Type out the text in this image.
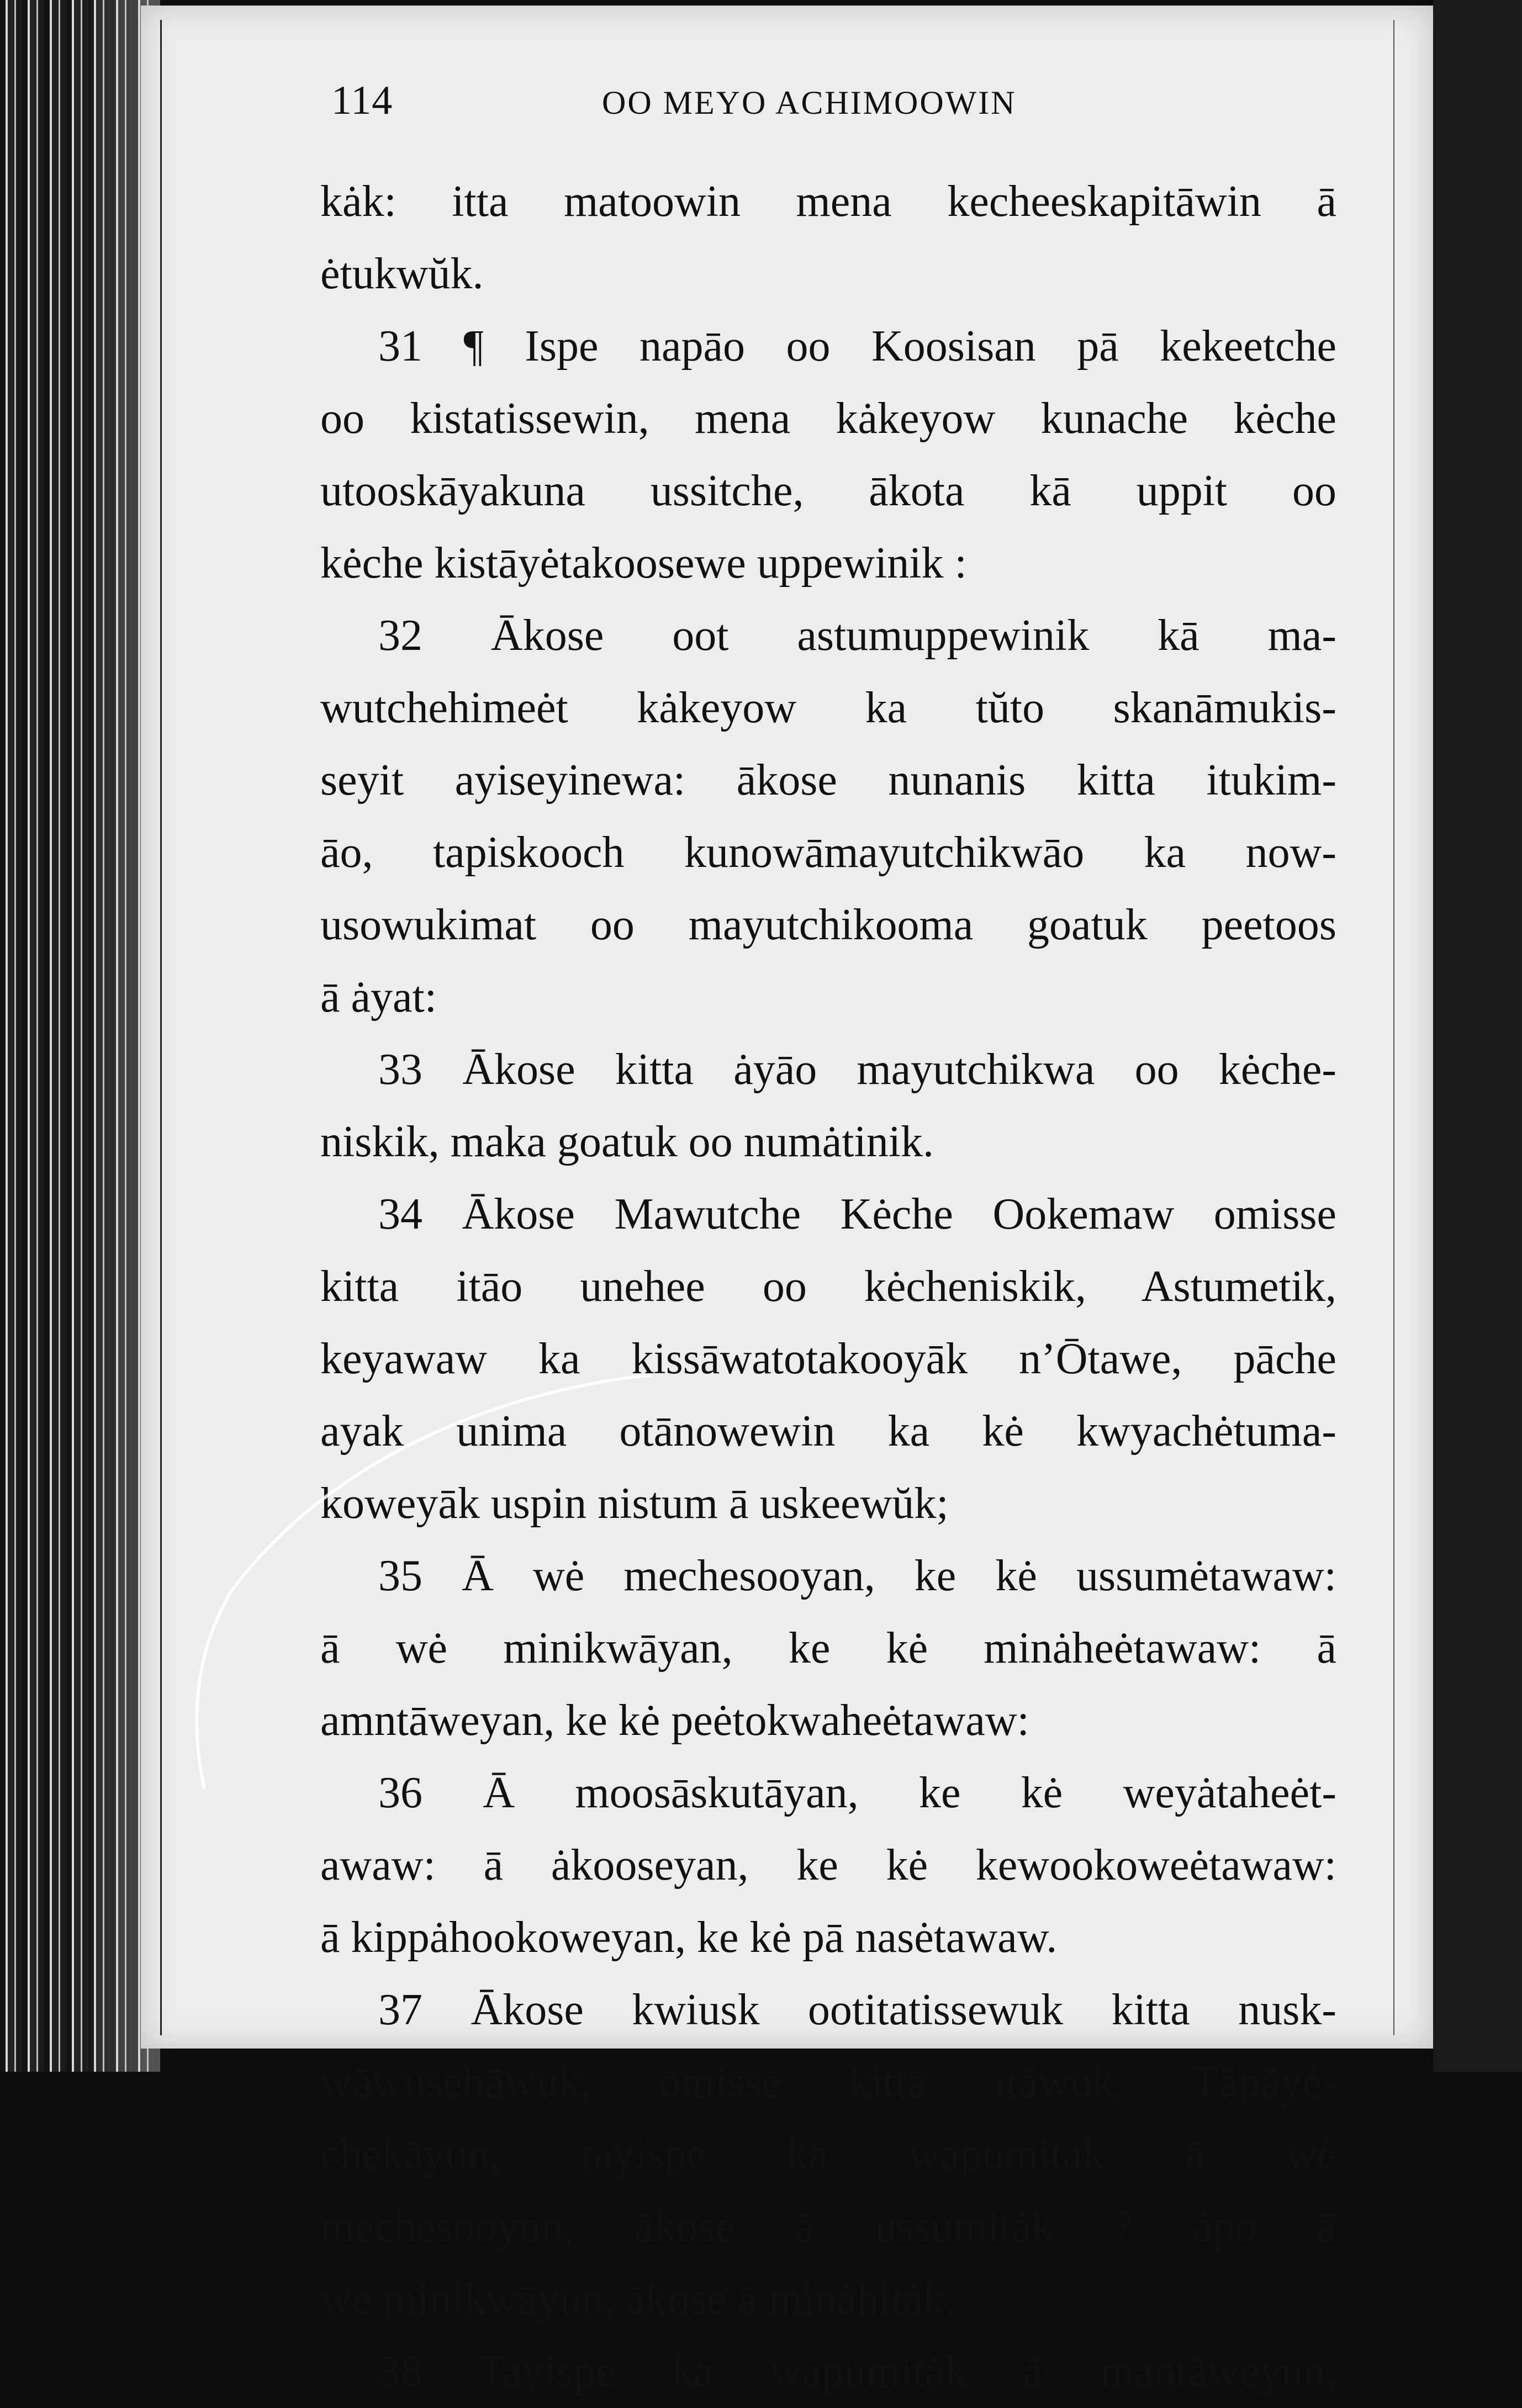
114	OO MEYO ACHIMOOWIN
kȧk: itta matoowin mena kecheeskapitāwin ā
ėtukwŭk.
31 ¶ Ispe napāo oo Koosisan pā kekeetche
oo kistatissewin, mena kȧkeyow kunache kėche
utooskāyakuna ussitche, ākota kā uppit oo
kėche kistāyėtakoosewe uppewinik :
32 Ākose oot astumuppewinik kā ma-
wutchehimeėt kȧkeyow ka tŭto skanāmukis-
seyit ayiseyinewa: ākose nunanis kitta itukim-
āo, tapiskooch kunowāmayutchikwāo ka now-
usowukimat oo mayutchikooma goatuk peetoos
ā ȧyat:
33 Ākose kitta ȧyāo mayutchikwa oo kėche-
niskik, maka goatuk oo numȧtinik.
34 Ākose Mawutche Kėche Ookemaw omisse
kitta itāo unehee oo kėcheniskik, Astumetik,
keyawaw ka kissāwatotakooyāk n’Ōtawe, pāche
ayak unima otānowewin ka kė kwyachėtuma-
koweyāk uspin nistum ā uskeewŭk;
35 Ā wė mechesooyan, ke kė ussumėtawaw:
ā wė minikwāyan, ke kė minȧheėtawaw: ā
amntāweyan, ke kė peėtokwaheėtawaw:
36 Ā moosāskutāyan, ke kė weyȧtaheėt-
awaw: ā ȧkooseyan, ke kė kewookoweėtawaw:
ā kippȧhookoweyan, ke kė pā nasėtawaw.
37 Ākose kwiusk ootitatissewuk kitta nusk-
wāwusehāwuk, omisse kitta itāwuk, Tāpāyė-
chekāyun, tayispe ka wapumitȧk ā wė
mechesooyun, ākose ā ussumitȧk ? ȧpo ā
wė minikwāyun, ākose ā minȧhitȧk.
38 Tayispe ka wapumitȧk ā mantāweyun,
